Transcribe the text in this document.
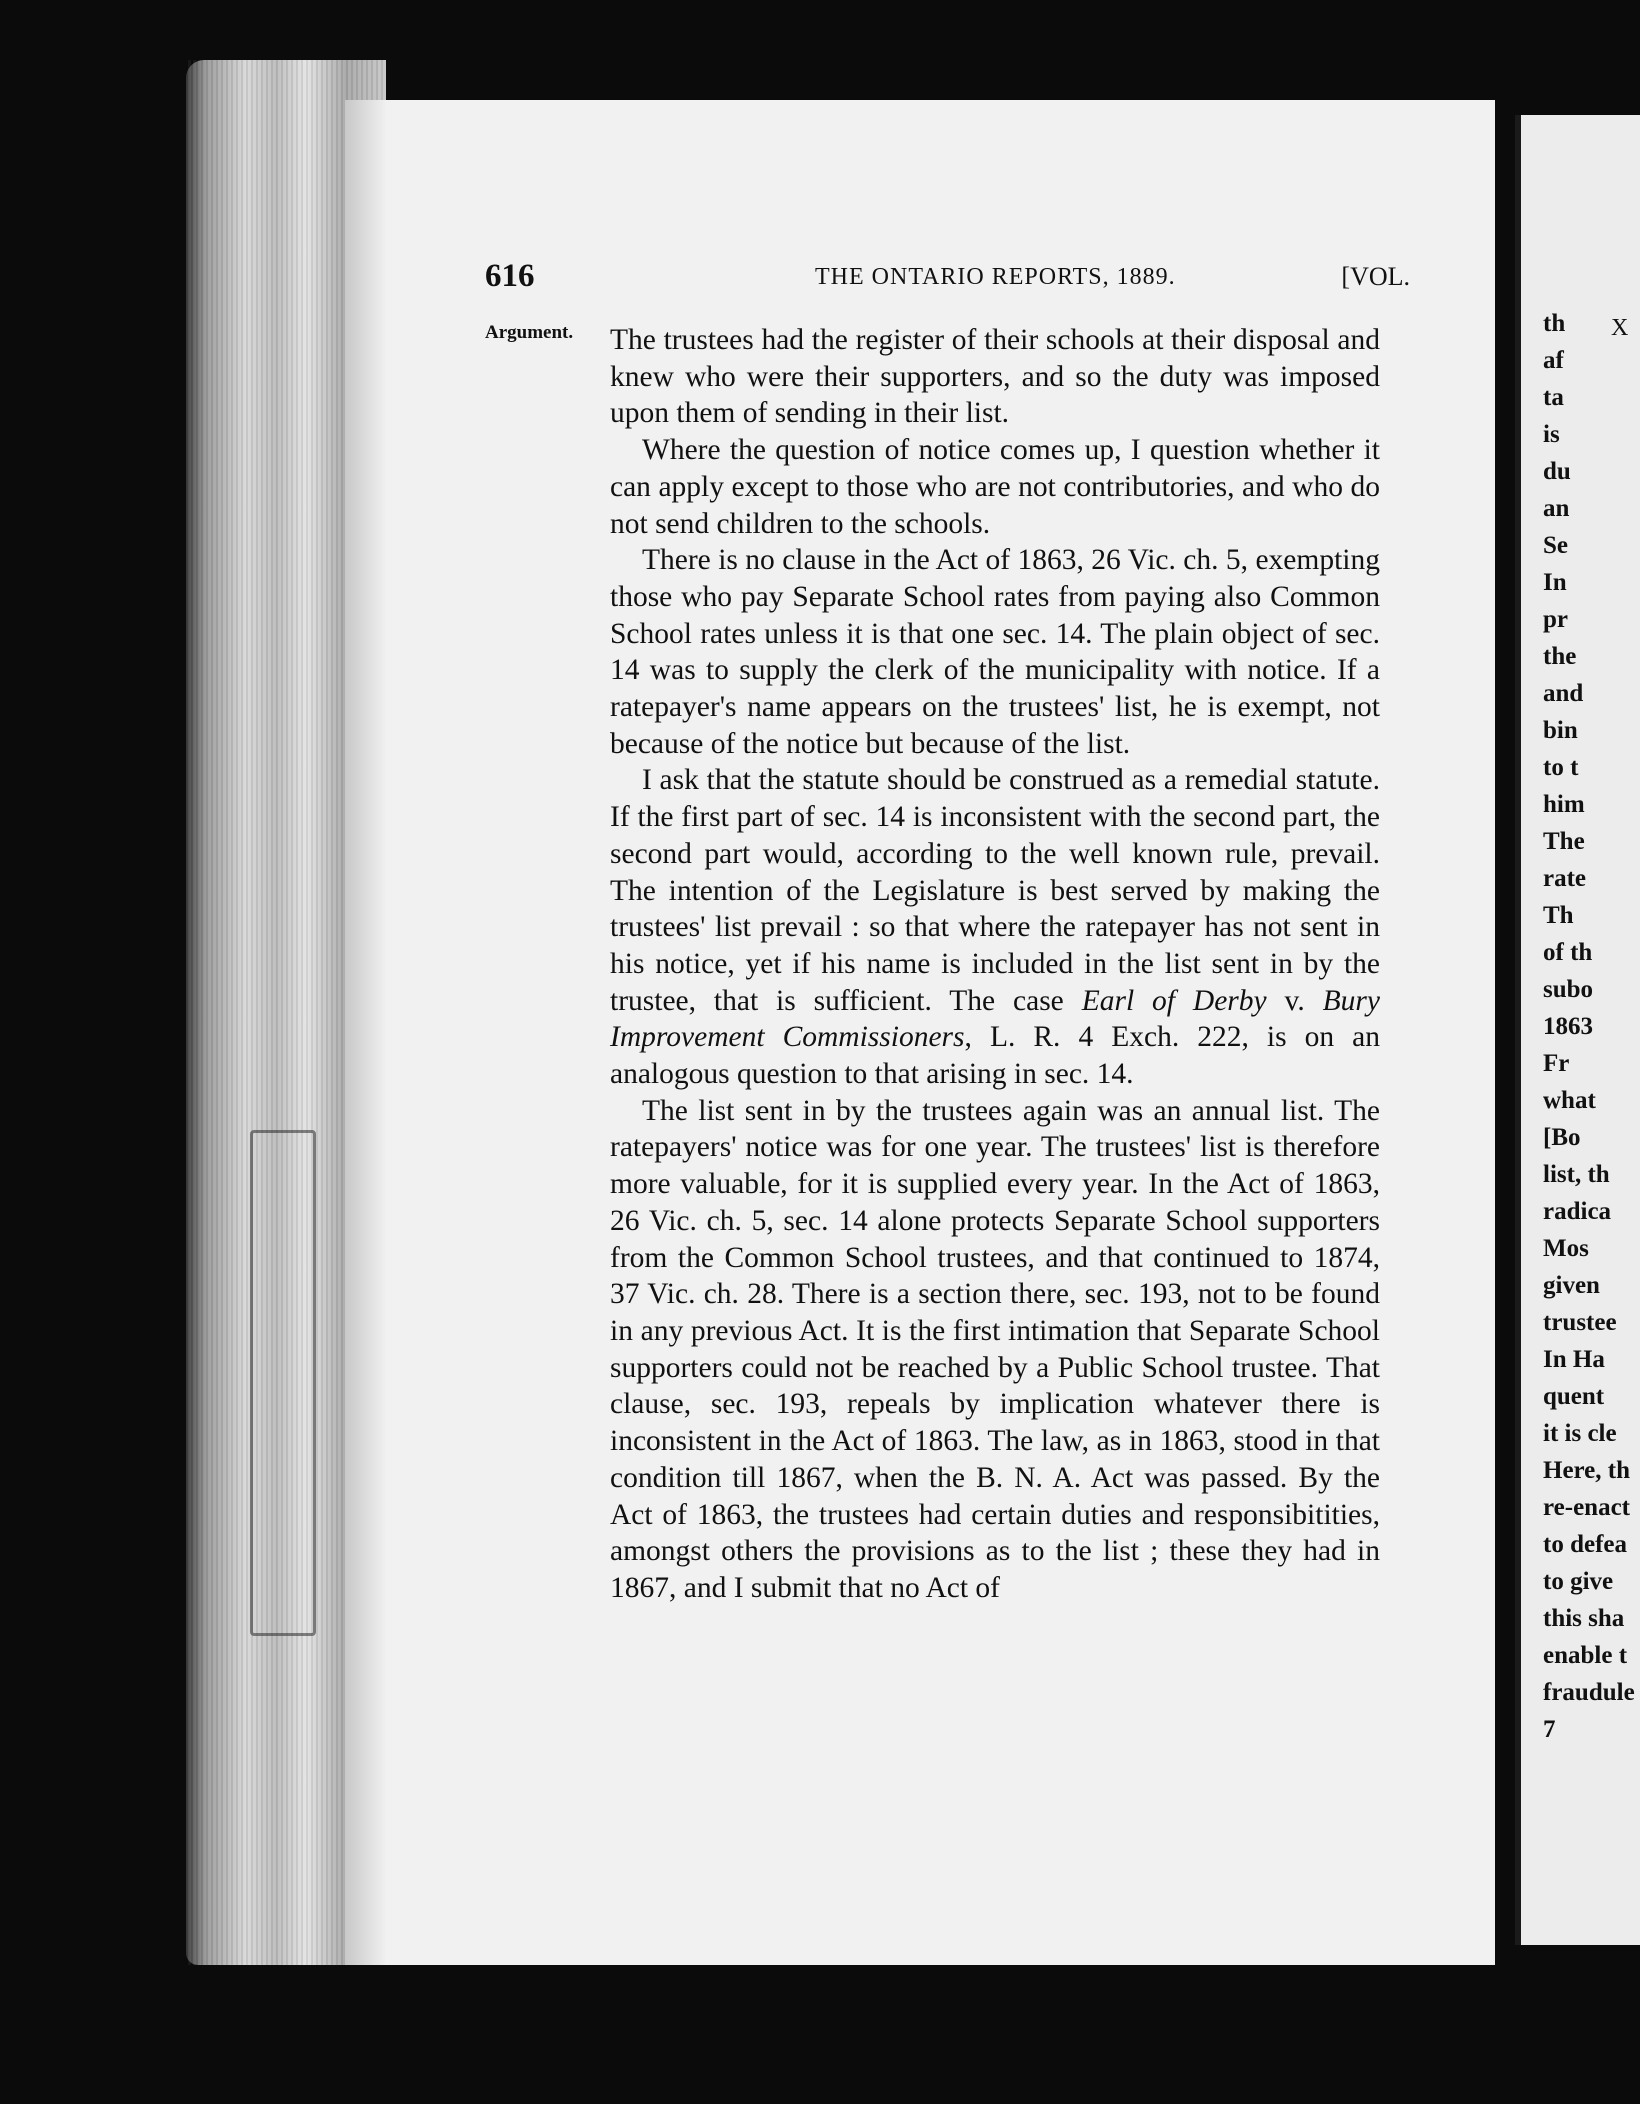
616	THE ONTARIO REPORTS, 1889.	[VOL.
Argument. The trustees had the register of their schools at their disposal and knew who were their supporters, and so the duty was imposed upon them of sending in their list.

Where the question of notice comes up, I question whether it can apply except to those who are not contributories, and who do not send children to the schools.

There is no clause in the Act of 1863, 26 Vic. ch. 5, exempting those who pay Separate School rates from paying also Common School rates unless it is that one sec. 14. The plain object of sec. 14 was to supply the clerk of the municipality with notice. If a ratepayer's name appears on the trustees' list, he is exempt, not because of the notice but because of the list.

I ask that the statute should be construed as a remedial statute. If the first part of sec. 14 is inconsistent with the second part, the second part would, according to the well known rule, prevail. The intention of the Legislature is best served by making the trustees' list prevail : so that where the ratepayer has not sent in his notice, yet if his name is included in the list sent in by the trustee, that is sufficient. The case Earl of Derby v. Bury Improvement Commissioners, L. R. 4 Exch. 222, is on an analogous question to that arising in sec. 14.

The list sent in by the trustees again was an annual list. The ratepayers' notice was for one year. The trustees' list is therefore more valuable, for it is supplied every year. In the Act of 1863, 26 Vic. ch. 5, sec. 14 alone protects Separate School supporters from the Common School trustees, and that continued to 1874, 37 Vic. ch. 28. There is a section there, sec. 193, not to be found in any previous Act. It is the first intimation that Separate School supporters could not be reached by a Public School trustee. That clause, sec. 193, repeals by implication whatever there is inconsistent in the Act of 1863. The law, as in 1863, stood in that condition till 1867, when the B. N. A. Act was passed. By the Act of 1863, the trustees had certain duties and responsibitities, amongst others the provisions as to the list ; these they had in 1867, and I submit that no Act of

X
th
af
ta
is
du
an
Se
In
pr
the
and
bin
to t
him
The
rate
Th
of th
subo
1863
Fr
what
[Bo
list, th
radica
Mos
given
trustee
In Ha
quent
it is cle
Here, th
re-enact
to defea
to give
this sha
enable t
fraudule
7
